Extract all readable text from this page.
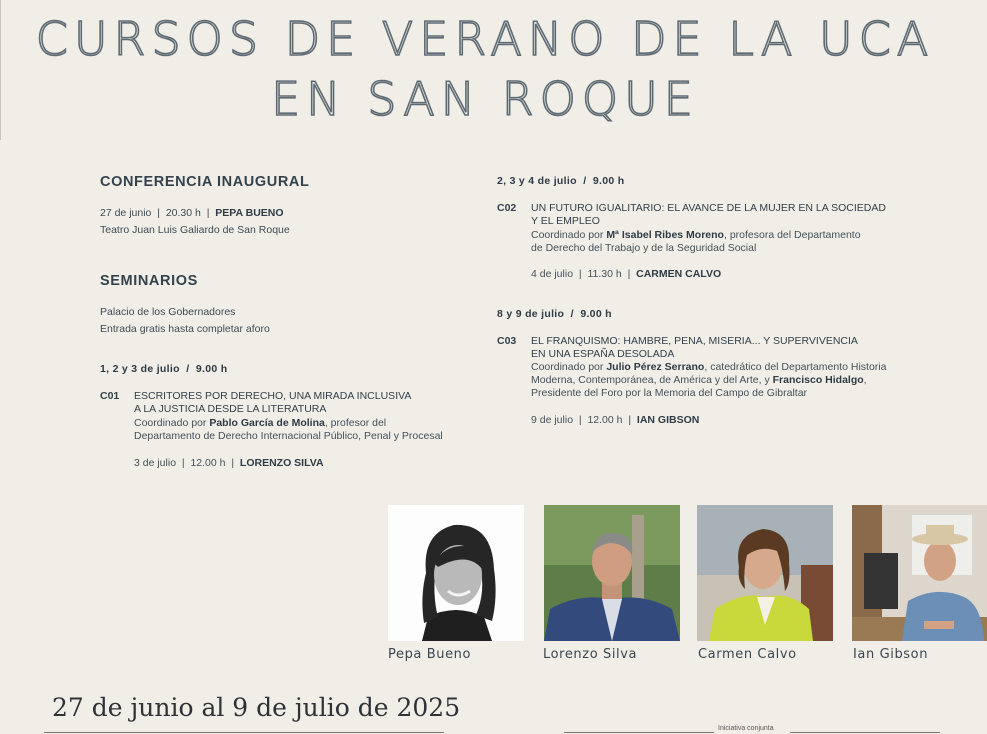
CURSOS DE VERANO DE LA UCA
EN SAN ROQUE
CONFERENCIA INAUGURAL
27 de junio | 20.30 h | PEPA BUENO
Teatro Juan Luis Galiardo de San Roque
SEMINARIOS
Palacio de los Gobernadores
Entrada gratis hasta completar aforo
1, 2 y 3 de julio / 9.00 h
C01 ESCRITORES POR DERECHO, UNA MIRADA INCLUSIVA
A LA JUSTICIA DESDE LA LITERATURA
Coordinado por Pablo García de Molina, profesor del
Departamento de Derecho Internacional Público, Penal y Procesal
3 de julio | 12.00 h | LORENZO SILVA
2, 3 y 4 de julio / 9.00 h
C02 UN FUTURO IGUALITARIO: EL AVANCE DE LA MUJER EN LA SOCIEDAD
Y EL EMPLEO
Coordinado por Mª Isabel Ribes Moreno, profesora del Departamento
de Derecho del Trabajo y de la Seguridad Social
4 de julio | 11.30 h | CARMEN CALVO
8 y 9 de julio / 9.00 h
C03 EL FRANQUISMO: HAMBRE, PENA, MISERIA... Y SUPERVIVENCIA
EN UNA ESPAÑA DESOLADA
Coordinado por Julio Pérez Serrano, catedrático del Departamento Historia
Moderna, Contemporánea, de América y del Arte, y Francisco Hidalgo,
Presidente del Foro por la Memoria del Campo de Gibraltar
9 de julio | 12.00 h | IAN GIBSON
Pepa Bueno	Lorenzo Silva	Carmen Calvo	Ian Gibson
27 de junio al 9 de julio de 2025
Iniciativa conjunta
